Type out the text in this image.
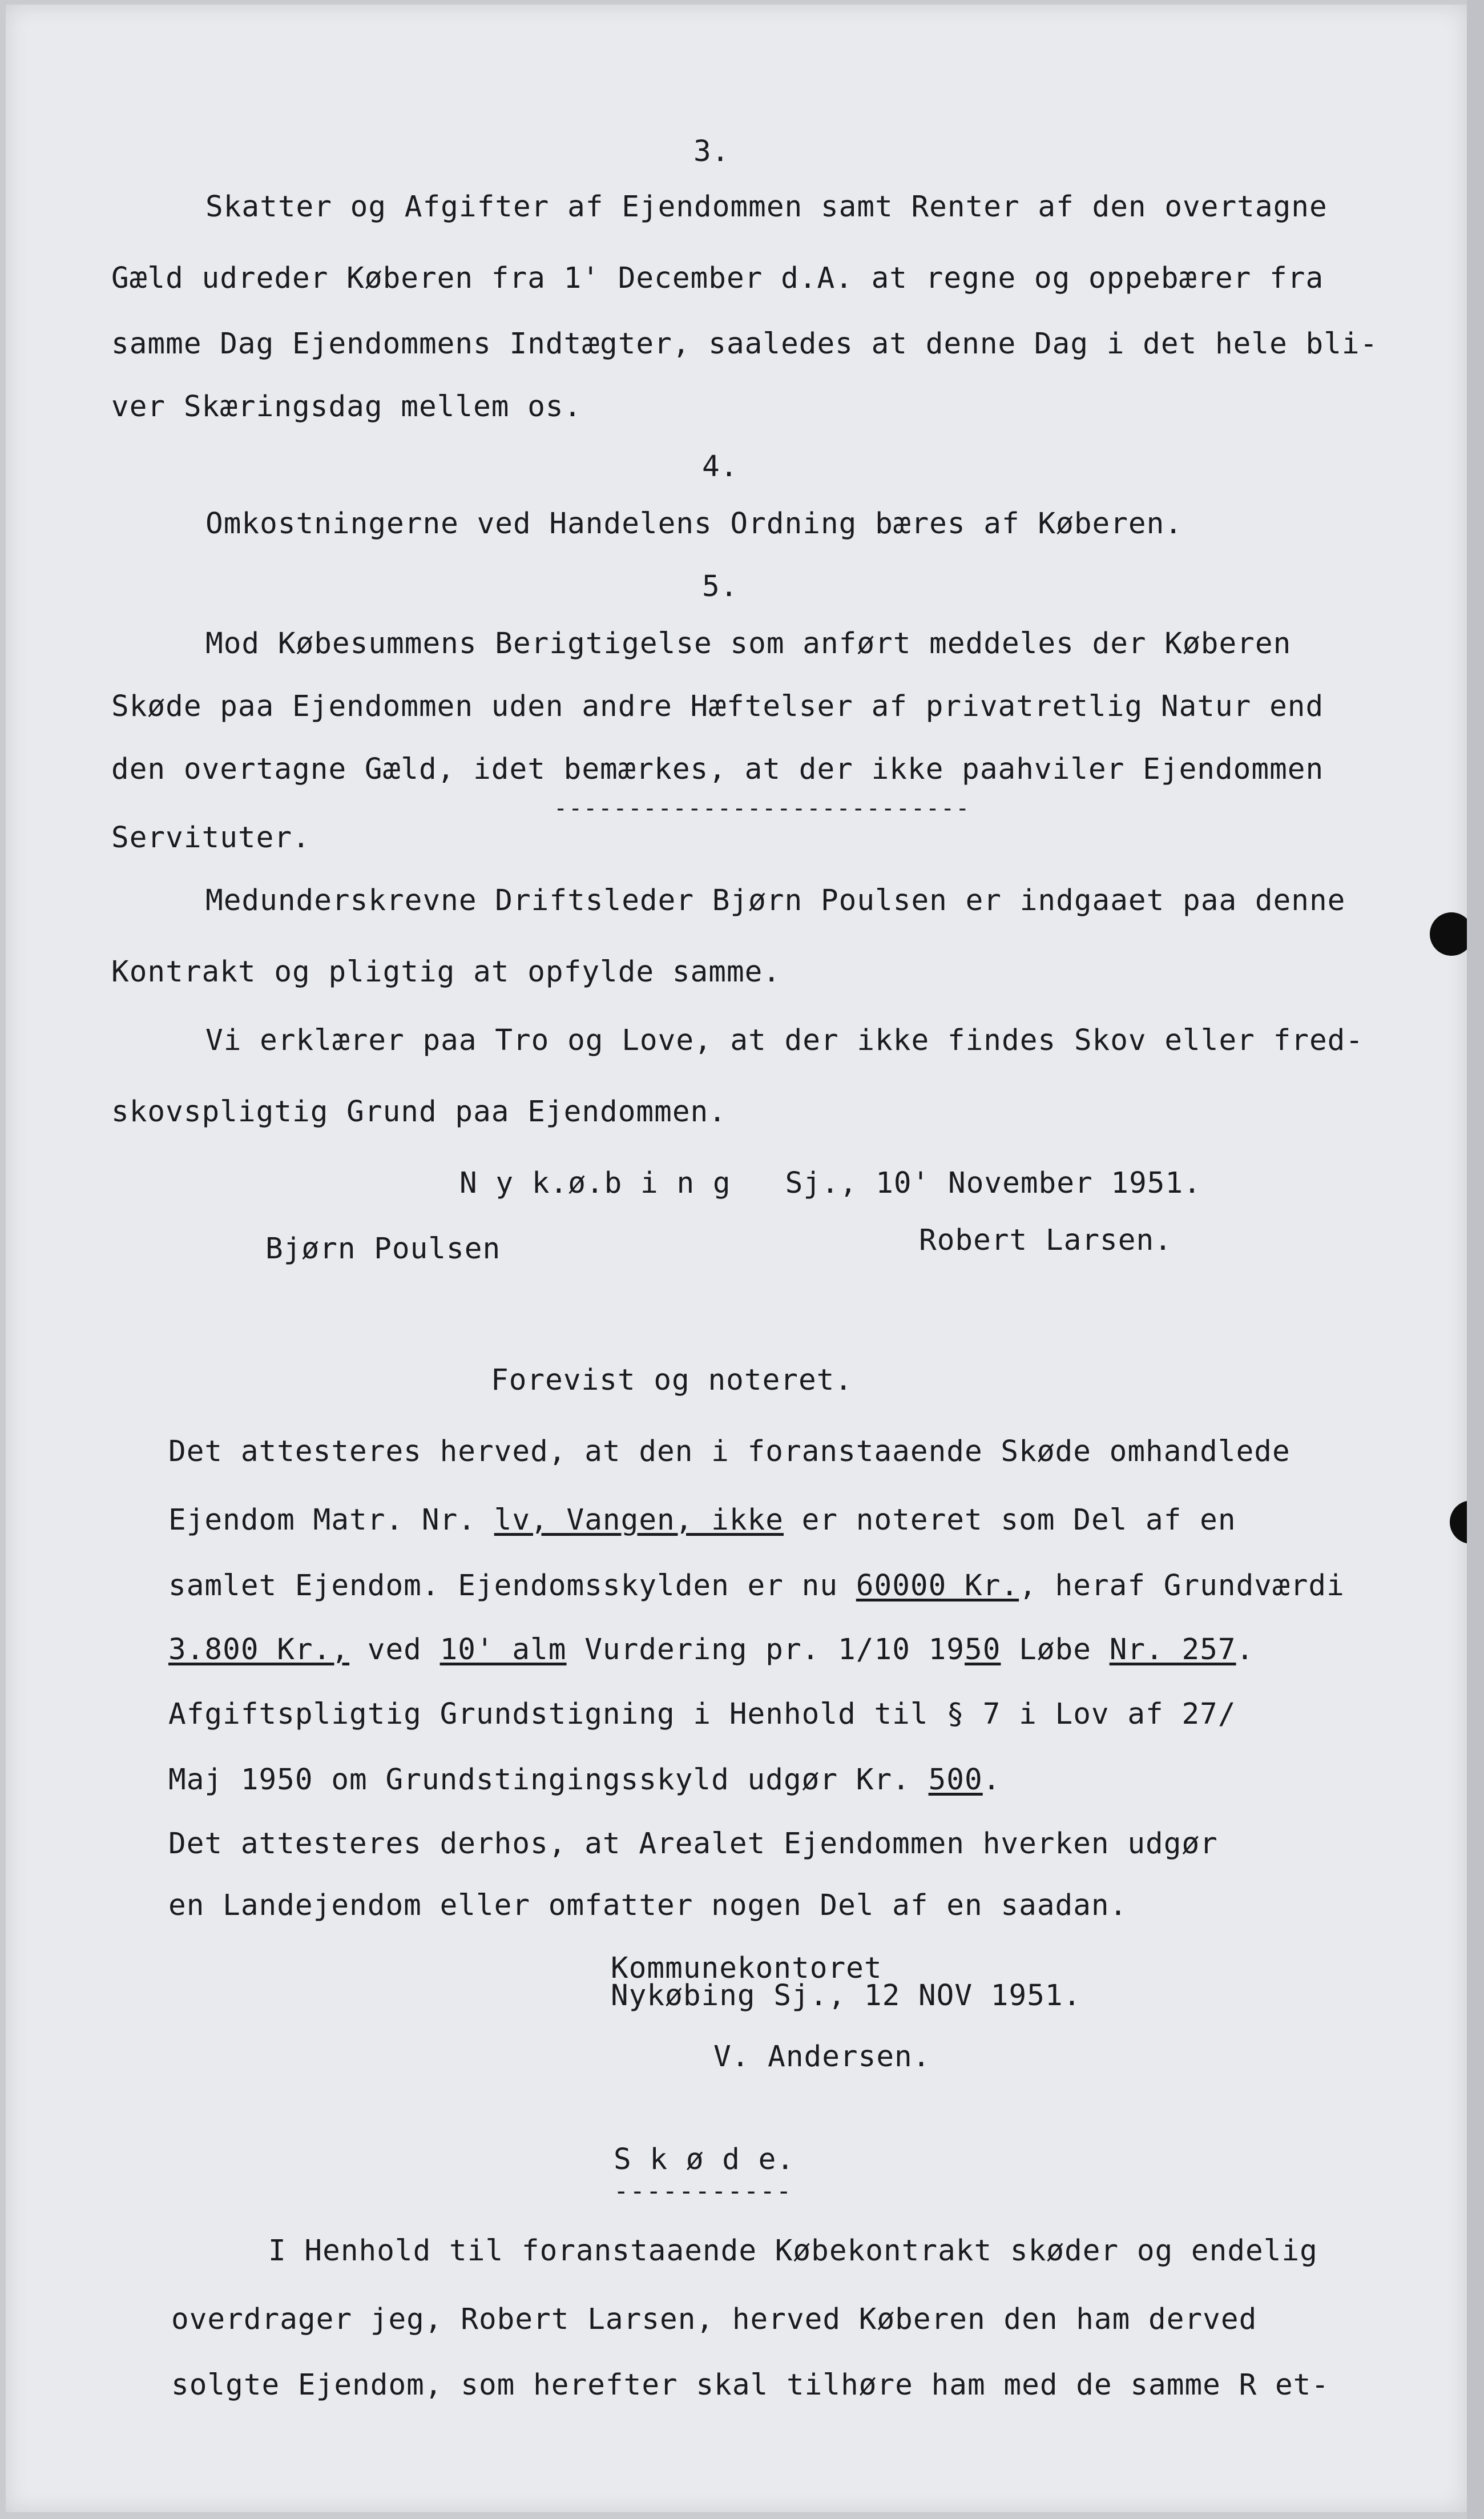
3.
Skatter og Afgifter af Ejendommen samt Renter af den overtagne
Gæld udreder Køberen fra 1' December d.A. at regne og oppebærer fra
samme Dag Ejendommens Indtægter, saaledes at denne Dag i det hele bli-
ver Skæringsdag mellem os.
4.
Omkostningerne ved Handelens Ordning bæres af Køberen.
5.
Mod Købesummens Berigtigelse som anført meddeles der Køberen
Skøde paa Ejendommen uden andre Hæftelser af privatretlig Natur end
den overtagne Gæld, idet bemærkes, at der ikke paahviler Ejendommen
----------------------------
Servituter.
Medunderskrevne Driftsleder Bjørn Poulsen er indgaaet paa denne
Kontrakt og pligtig at opfylde samme.
Vi erklærer paa Tro og Love, at der ikke findes Skov eller fred-
skovspligtig Grund paa Ejendommen.
N y k.ø.b i n g   Sj., 10' November 1951.
Bjørn Poulsen	Robert Larsen.
Forevist og noteret.
Det attesteres herved, at den i foranstaaende Skøde omhandlede
Ejendom Matr. Nr. lv, Vangen, ikke er noteret som Del af en
samlet Ejendom. Ejendomsskylden er nu 60000 Kr., heraf Grundværdi
3.800 Kr., ved 10' alm Vurdering pr. 1/10 1950 Løbe Nr. 257.
Afgiftspligtig Grundstigning i Henhold til § 7 i Lov af 27/
Maj 1950 om Grundstingingsskyld udgør Kr. 500.
Det attesteres derhos, at Arealet Ejendommen hverken udgør
en Landejendom eller omfatter nogen Del af en saadan.
Kommunekontoret
Nykøbing Sj., 12 NOV 1951.
V. Andersen.
S k ø d e.
-----------
I Henhold til foranstaaende Købekontrakt skøder og endelig
overdrager jeg, Robert Larsen, herved Køberen den ham derved
solgte Ejendom, som herefter skal tilhøre ham med de samme R et-
